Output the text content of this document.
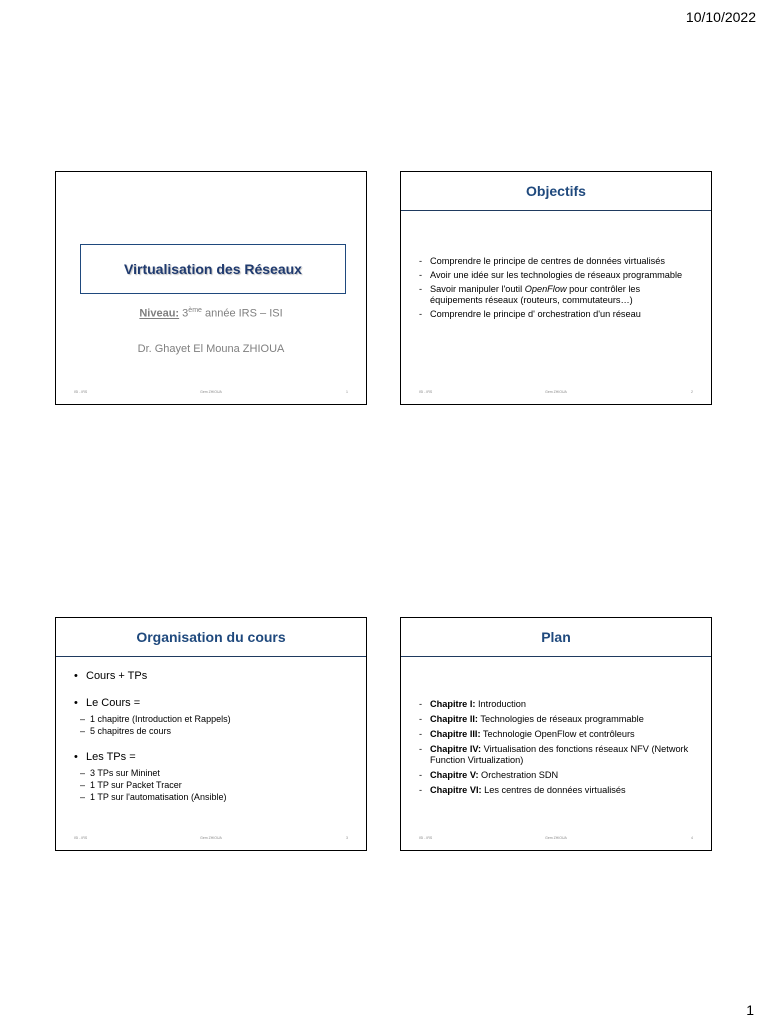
10/10/2022
Virtualisation des Réseaux
Niveau: 3ème année IRS – ISI
Dr. Ghayet El Mouna ZHIOUA
ISI - IRS	Gem ZHIOUA	1
Objectifs
- Comprendre le principe de centres de données virtualisés
- Avoir une idée sur les technologies de réseaux programmable
- Savoir manipuler l'outil OpenFlow pour contrôler les équipements réseaux (routeurs, commutateurs…)
- Comprendre le principe d' orchestration d'un réseau
ISI - IRS	Gem ZHIOUA	2
Organisation du cours
• Cours + TPs
• Le Cours =
– 1 chapitre (Introduction et Rappels)
– 5 chapitres de cours
• Les TPs =
– 3 TPs sur Mininet
– 1 TP sur Packet Tracer
– 1 TP sur l'automatisation (Ansible)
ISI - IRS	Gem ZHIOUA	3
Plan
- Chapitre I: Introduction
- Chapitre II: Technologies de réseaux programmable
- Chapitre III: Technologie OpenFlow et contrôleurs
- Chapitre IV: Virtualisation des fonctions réseaux NFV (Network Function Virtualization)
- Chapitre V: Orchestration SDN
- Chapitre VI: Les centres de données virtualisés
ISI - IRS	Gem ZHIOUA	4
1
